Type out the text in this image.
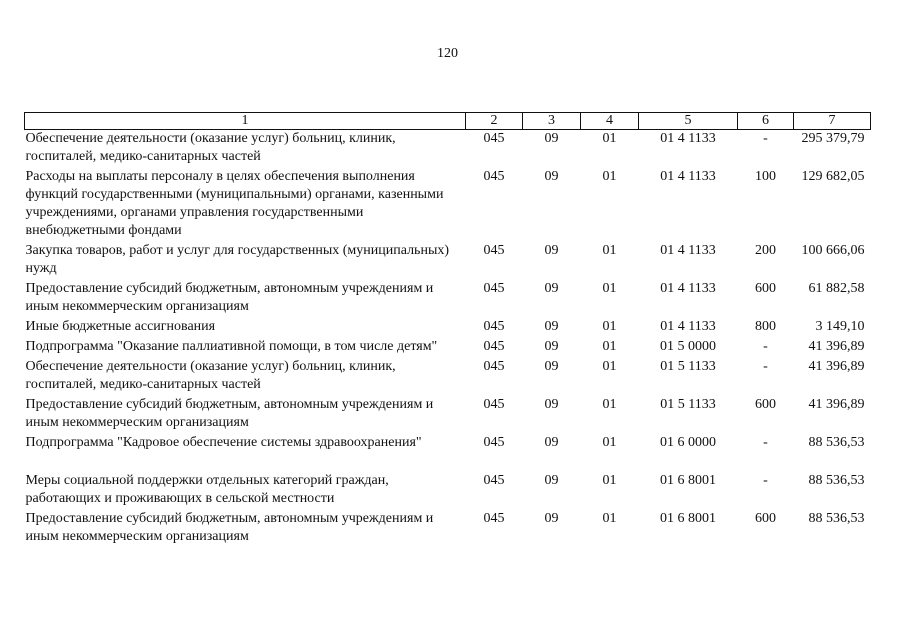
120
1	2	3	4	5	6	7
Обеспечение деятельности (оказание услуг) больниц, клиник, госпиталей, медико-санитарных частей	045	09	01	01 4 1133	-	295 379,79
Расходы на выплаты персоналу в целях обеспечения выполнения функций государственными (муниципальными) органами, казенными учреждениями, органами управления государственными внебюджетными фондами	045	09	01	01 4 1133	100	129 682,05
Закупка товаров, работ и услуг для государственных (муниципальных) нужд	045	09	01	01 4 1133	200	100 666,06
Предоставление субсидий бюджетным, автономным учреждениям и иным некоммерческим организациям	045	09	01	01 4 1133	600	61 882,58
Иные бюджетные ассигнования	045	09	01	01 4 1133	800	3 149,10
Подпрограмма "Оказание паллиативной помощи, в том числе детям"	045	09	01	01 5 0000	-	41 396,89
Обеспечение деятельности (оказание услуг) больниц, клиник, госпиталей, медико-санитарных частей	045	09	01	01 5 1133	-	41 396,89
Предоставление субсидий бюджетным, автономным учреждениям и иным некоммерческим организациям	045	09	01	01 5 1133	600	41 396,89
Подпрограмма "Кадровое обеспечение системы здравоохранения"	045	09	01	01 6 0000	-	88 536,53
Меры социальной поддержки отдельных категорий граждан, работающих и проживающих в сельской местности	045	09	01	01 6 8001	-	88 536,53
Предоставление субсидий бюджетным, автономным учреждениям и иным некоммерческим организациям	045	09	01	01 6 8001	600	88 536,53
